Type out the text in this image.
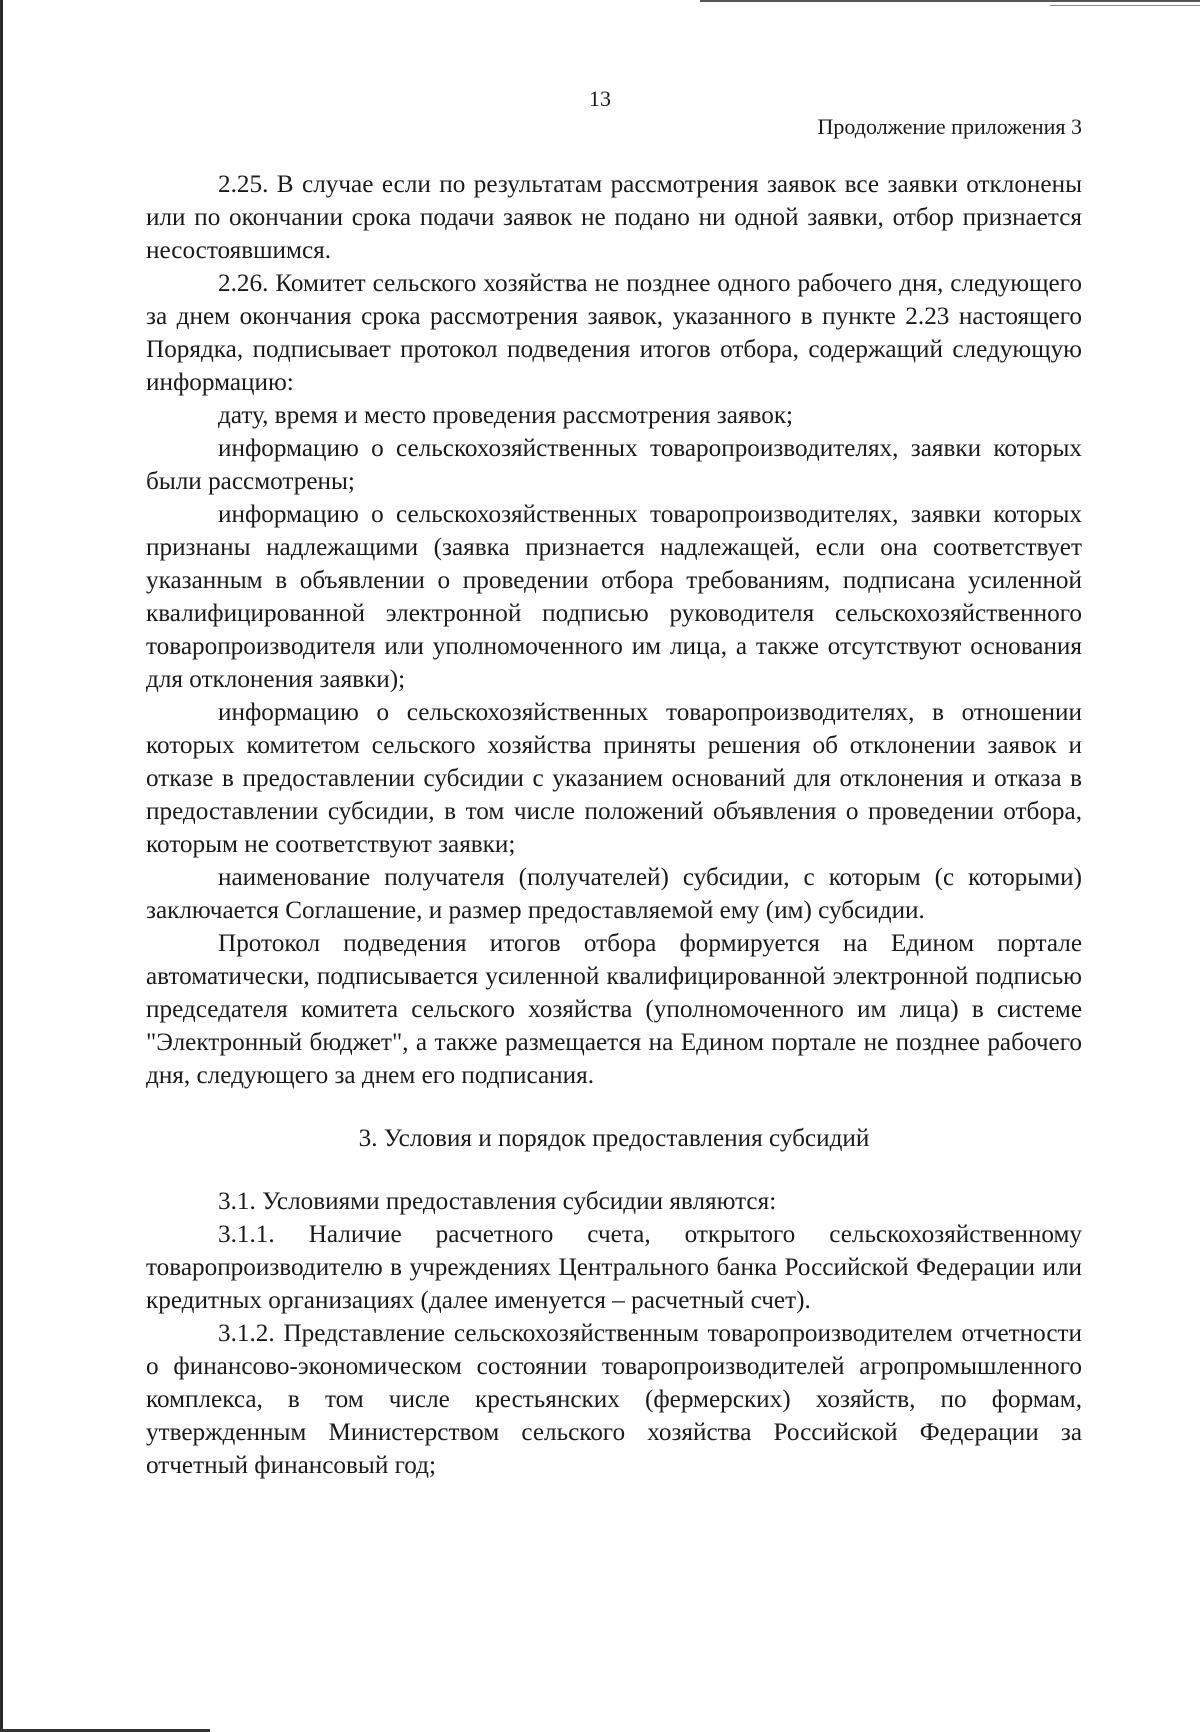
13
Продолжение приложения 3

2.25. В случае если по результатам рассмотрения заявок все заявки отклонены или по окончании срока подачи заявок не подано ни одной заявки, отбор признается несостоявшимся.

2.26. Комитет сельского хозяйства не позднее одного рабочего дня, следующего за днем окончания срока рассмотрения заявок, указанного в пункте 2.23 настоящего Порядка, подписывает протокол подведения итогов отбора, содержащий следующую информацию:

дату, время и место проведения рассмотрения заявок;

информацию о сельскохозяйственных товаропроизводителях, заявки которых были рассмотрены;

информацию о сельскохозяйственных товаропроизводителях, заявки которых признаны надлежащими (заявка признается надлежащей, если она соответствует указанным в объявлении о проведении отбора требованиям, подписана усиленной квалифицированной электронной подписью руководителя сельскохозяйственного товаропроизводителя или уполномоченного им лица, а также отсутствуют основания для отклонения заявки);

информацию о сельскохозяйственных товаропроизводителях, в отношении которых комитетом сельского хозяйства приняты решения об отклонении заявок и отказе в предоставлении субсидии с указанием оснований для отклонения и отказа в предоставлении субсидии, в том числе положений объявления о проведении отбора, которым не соответствуют заявки;

наименование получателя (получателей) субсидии, с которым (с которыми) заключается Соглашение, и размер предоставляемой ему (им) субсидии.

Протокол подведения итогов отбора формируется на Едином портале автоматически, подписывается усиленной квалифицированной электронной подписью председателя комитета сельского хозяйства (уполномоченного им лица) в системе "Электронный бюджет", а также размещается на Едином портале не позднее рабочего дня, следующего за днем его подписания.

3. Условия и порядок предоставления субсидий

3.1. Условиями предоставления субсидии являются:

3.1.1. Наличие расчетного счета, открытого сельскохозяйственному товаропроизводителю в учреждениях Центрального банка Российской Федерации или кредитных организациях (далее именуется – расчетный счет).

3.1.2. Представление сельскохозяйственным товаропроизводителем отчетности о финансово-экономическом состоянии товаропроизводителей агропромышленного комплекса, в том числе крестьянских (фермерских) хозяйств, по формам, утвержденным Министерством сельского хозяйства Российской Федерации за отчетный финансовый год;
